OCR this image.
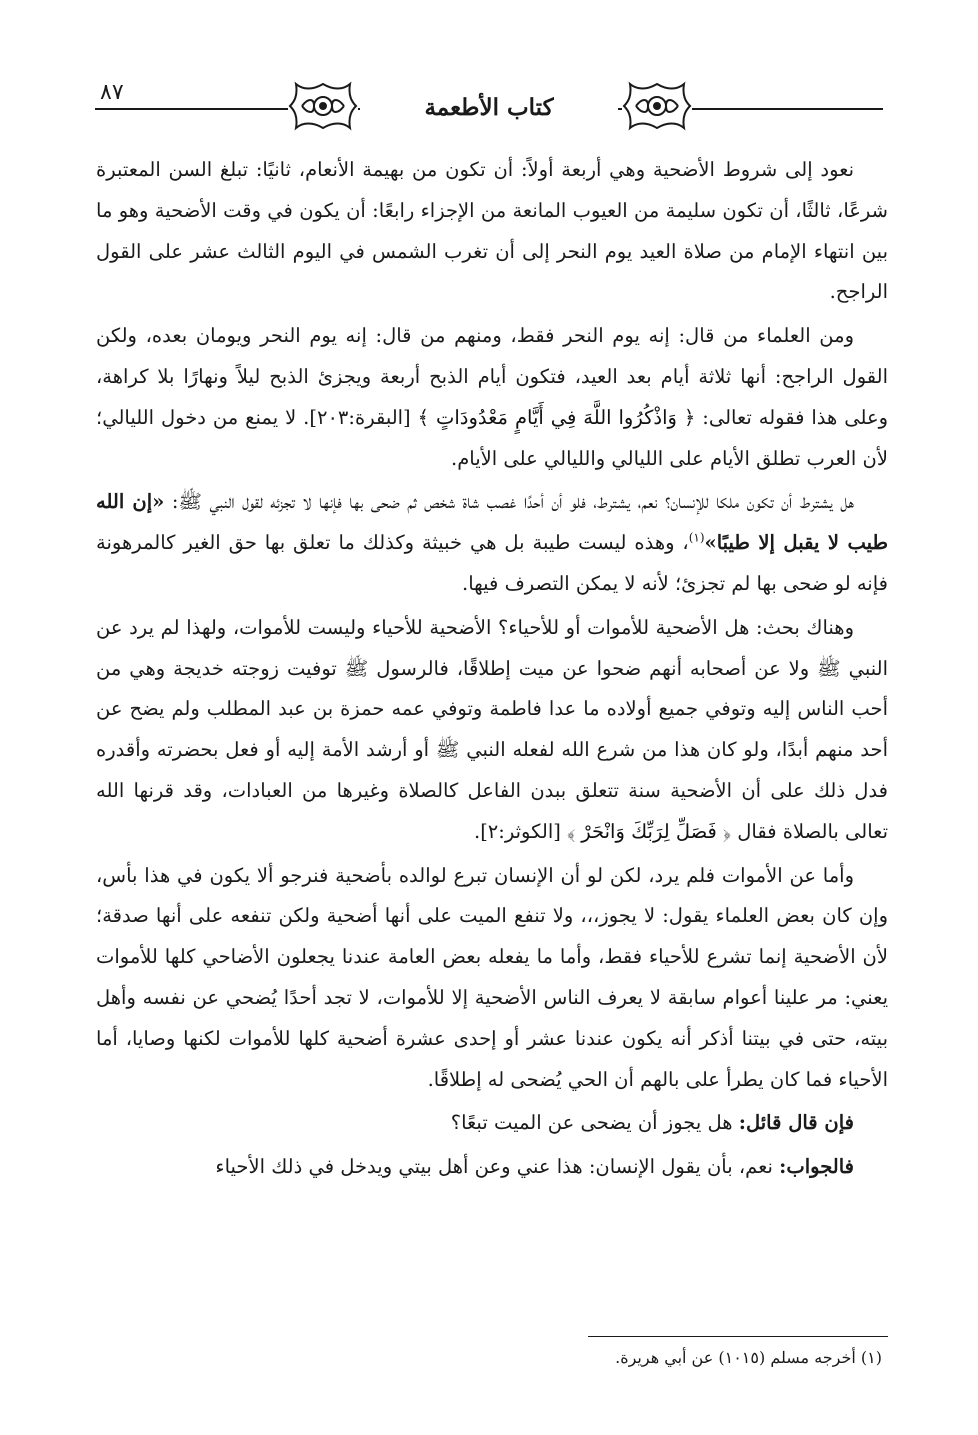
٨٧
كتاب الأطعمة

نعود إلى شروط الأضحية وهي أربعة أولاً: أن تكون من بهيمة الأنعام، ثانيًا: تبلغ السن المعتبرة شرعًا، ثالثًا، أن تكون سليمة من العيوب المانعة من الإجزاء رابعًا: أن يكون في وقت الأضحية وهو ما بين انتهاء الإمام من صلاة العيد يوم النحر إلى أن تغرب الشمس في اليوم الثالث عشر على القول الراجح.

ومن العلماء من قال: إنه يوم النحر فقط، ومنهم من قال: إنه يوم النحر ويومان بعده، ولكن القول الراجح: أنها ثلاثة أيام بعد العيد، فتكون أيام الذبح أربعة ويجزئ الذبح ليلاً ونهارًا بلا كراهة، وعلى هذا فقوله تعالى: ﴿ وَاذْكُرُوا اللَّهَ فِي أَيَّامٍ مَعْدُودَاتٍ ﴾ [البقرة:٢٠٣]. لا يمنع من دخول الليالي؛ لأن العرب تطلق الأيام على الليالي والليالي على الأيام.

هل يشترط أن تكون ملكا للإنسان؟ نعم، يشترط، فلو أن أحدًا غصب شاة شخص ثم ضحى بها فإنها لا تجزئه لقول النبي ﷺ: «إن الله طيب لا يقبل إلا طيبًا»$^{(١)}$، وهذه ليست طيبة بل هي خبيثة وكذلك ما تعلق بها حق الغير كالمرهونة فإنه لو ضحى بها لم تجزئ؛ لأنه لا يمكن التصرف فيها.

وهناك بحث: هل الأضحية للأموات أو للأحياء؟ الأضحية للأحياء وليست للأموات، ولهذا لم يرد عن النبي ﷺ ولا عن أصحابه أنهم ضحوا عن ميت إطلاقًا، فالرسول ﷺ توفيت زوجته خديجة وهي من أحب الناس إليه وتوفي جميع أولاده ما عدا فاطمة وتوفي عمه حمزة بن عبد المطلب ولم يضح عن أحد منهم أبدًا، ولو كان هذا من شرع الله لفعله النبي ﷺ أو أرشد الأمة إليه أو فعل بحضرته وأقدره فدل ذلك على أن الأضحية سنة تتعلق ببدن الفاعل كالصلاة وغيرها من العبادات، وقد قرنها الله تعالى بالصلاة فقال ﴿ فَصَلِّ لِرَبِّكَ وَانْحَرْ ﴾ [الكوثر:٢].

وأما عن الأموات فلم يرد، لكن لو أن الإنسان تبرع لوالده بأضحية فنرجو ألا يكون في هذا بأس، وإن كان بعض العلماء يقول: لا يجوز،،، ولا تنفع الميت على أنها أضحية ولكن تنفعه على أنها صدقة؛ لأن الأضحية إنما تشرع للأحياء فقط، وأما ما يفعله بعض العامة عندنا يجعلون الأضاحي كلها للأموات يعني: مر علينا أعوام سابقة لا يعرف الناس الأضحية إلا للأموات، لا تجد أحدًا يُضحي عن نفسه وأهل بيته، حتى في بيتنا أذكر أنه يكون عندنا عشر أو إحدى عشرة أضحية كلها للأموات لكنها وصايا، أما الأحياء فما كان يطرأ على بالهم أن الحي يُضحى له إطلاقًا.

فإن قال قائل: هل يجوز أن يضحى عن الميت تبعًا؟

فالجواب: نعم، بأن يقول الإنسان: هذا عني وعن أهل بيتي ويدخل في ذلك الأحياء

(١) أخرجه مسلم (١٠١٥) عن أبي هريرة.
